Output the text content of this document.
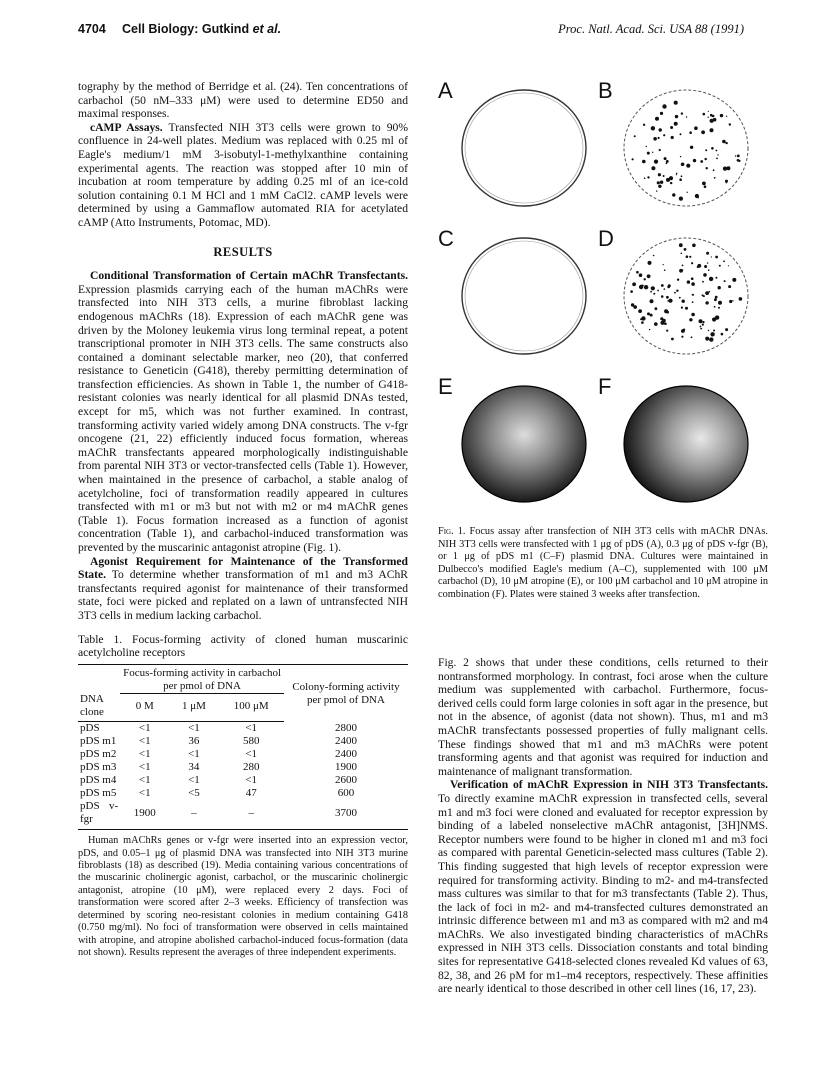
4704 Cell Biology: Gutkind et al.	Proc. Natl. Acad. Sci. USA 88 (1991)

tography by the method of Berridge et al. (24). Ten concentrations of carbachol (50 nM–333 μM) were used to determine ED50 and maximal responses.

cAMP Assays. Transfected NIH 3T3 cells were grown to 90% confluence in 24-well plates. Medium was replaced with 0.25 ml of Eagle's medium/1 mM 3-isobutyl-1-methylxanthine containing experimental agents. The reaction was stopped after 10 min of incubation at room temperature by adding 0.25 ml of an ice-cold solution containing 0.1 M HCl and 1 mM CaCl2. cAMP levels were determined by using a Gammaflow automated RIA for acetylated cAMP (Atto Instruments, Potomac, MD).

RESULTS

Conditional Transformation of Certain mAChR Transfectants. Expression plasmids carrying each of the human mAChRs were transfected into NIH 3T3 cells, a murine fibroblast lacking endogenous mAChRs (18). Expression of each mAChR gene was driven by the Moloney leukemia virus long terminal repeat, a potent transcriptional promoter in NIH 3T3 cells. The same constructs also contained a dominant selectable marker, neo (20), that conferred resistance to Geneticin (G418), thereby permitting determination of transfection efficiencies. As shown in Table 1, the number of G418-resistant colonies was nearly identical for all plasmid DNAs tested, except for m5, which was not further examined. In contrast, transforming activity varied widely among DNA constructs. The v-fgr oncogene (21, 22) efficiently induced focus formation, whereas mAChR transfectants appeared morphologically indistinguishable from parental NIH 3T3 or vector-transfected cells (Table 1). However, when maintained in the presence of carbachol, a stable analog of acetylcholine, foci of transformation readily appeared in cultures transfected with m1 or m3 but not with m2 or m4 mAChR genes (Table 1). Focus formation increased as a function of agonist concentration (Table 1), and carbachol-induced transformation was prevented by the muscarinic antagonist atropine (Fig. 1).

Agonist Requirement for Maintenance of the Transformed State. To determine whether transformation of m1 and m3 AChR transfectants required agonist for maintenance of their transformed state, foci were picked and replated on a lawn of untransfected NIH 3T3 cells in medium lacking carbachol.

Table 1. Focus-forming activity of cloned human muscarinic acetylcholine receptors

	Focus-forming activity in carbachol per pmol of DNA			Colony-forming activity per pmol of DNA
DNA clone	0 M	1 μM	100 μM	
pDS	<1	<1	<1	2800
pDS m1	<1	36	580	2400
pDS m2	<1	<1	<1	2400
pDS m3	<1	34	280	1900
pDS m4	<1	<1	<1	2600
pDS m5	<1	<5	47	600
pDS v-fgr	1900	–	–	3700

Human mAChRs genes or v-fgr were inserted into an expression vector, pDS, and 0.05–1 μg of plasmid DNA was transfected into NIH 3T3 murine fibroblasts (18) as described (19). Media containing various concentrations of the muscarinic cholinergic agonist, carbachol, or the muscarinic cholinergic antagonist, atropine (10 μM), were replaced every 2 days. Foci of transformation were scored after 2–3 weeks. Efficiency of transfection was determined by scoring neo-resistant colonies in medium containing G418 (0.750 mg/ml). No foci of transformation were observed in cells maintained with atropine, and atropine abolished carbachol-induced focus-formation (data not shown). Results represent the averages of three independent experiments.

A	B
C	D
E	F
Fig. 1. Focus assay after transfection of NIH 3T3 cells with mAChR DNAs. NIH 3T3 cells were transfected with 1 μg of pDS (A), 0.3 μg of pDS v-fgr (B), or 1 μg of pDS m1 (C–F) plasmid DNA. Cultures were maintained in Dulbecco's modified Eagle's medium (A–C), supplemented with 100 μM carbachol (D), 10 μM atropine (E), or 100 μM carbachol and 10 μM atropine in combination (F). Plates were stained 3 weeks after transfection.

Fig. 2 shows that under these conditions, cells returned to their nontransformed morphology. In contrast, foci arose when the culture medium was supplemented with carbachol. Furthermore, focus-derived cells could form large colonies in soft agar in the presence, but not in the absence, of agonist (data not shown). Thus, m1 and m3 mAChR transfectants possessed properties of fully malignant cells. These findings showed that m1 and m3 mAChRs were potent transforming agents and that agonist was required for induction and maintenance of malignant transformation.

Verification of mAChR Expression in NIH 3T3 Transfectants. To directly examine mAChR expression in transfected cells, several m1 and m3 foci were cloned and evaluated for receptor expression by binding of a labeled nonselective mAChR antagonist, [3H]NMS. Receptor numbers were found to be higher in cloned m1 and m3 foci as compared with parental Geneticin-selected mass cultures (Table 2). This finding suggested that high levels of receptor expression were required for transforming activity. Binding to m2- and m4-transfected mass cultures was similar to that for m3 transfectants (Table 2). Thus, the lack of foci in m2- and m4-transfected cultures demonstrated an intrinsic difference between m1 and m3 as compared with m2 and m4 mAChRs. We also investigated binding characteristics of mAChRs expressed in NIH 3T3 cells. Dissociation constants and total binding sites for representative G418-selected clones revealed Kd values of 63, 82, 38, and 26 pM for m1–m4 receptors, respectively. These affinities are nearly identical to those described in other cell lines (16, 17, 23).
